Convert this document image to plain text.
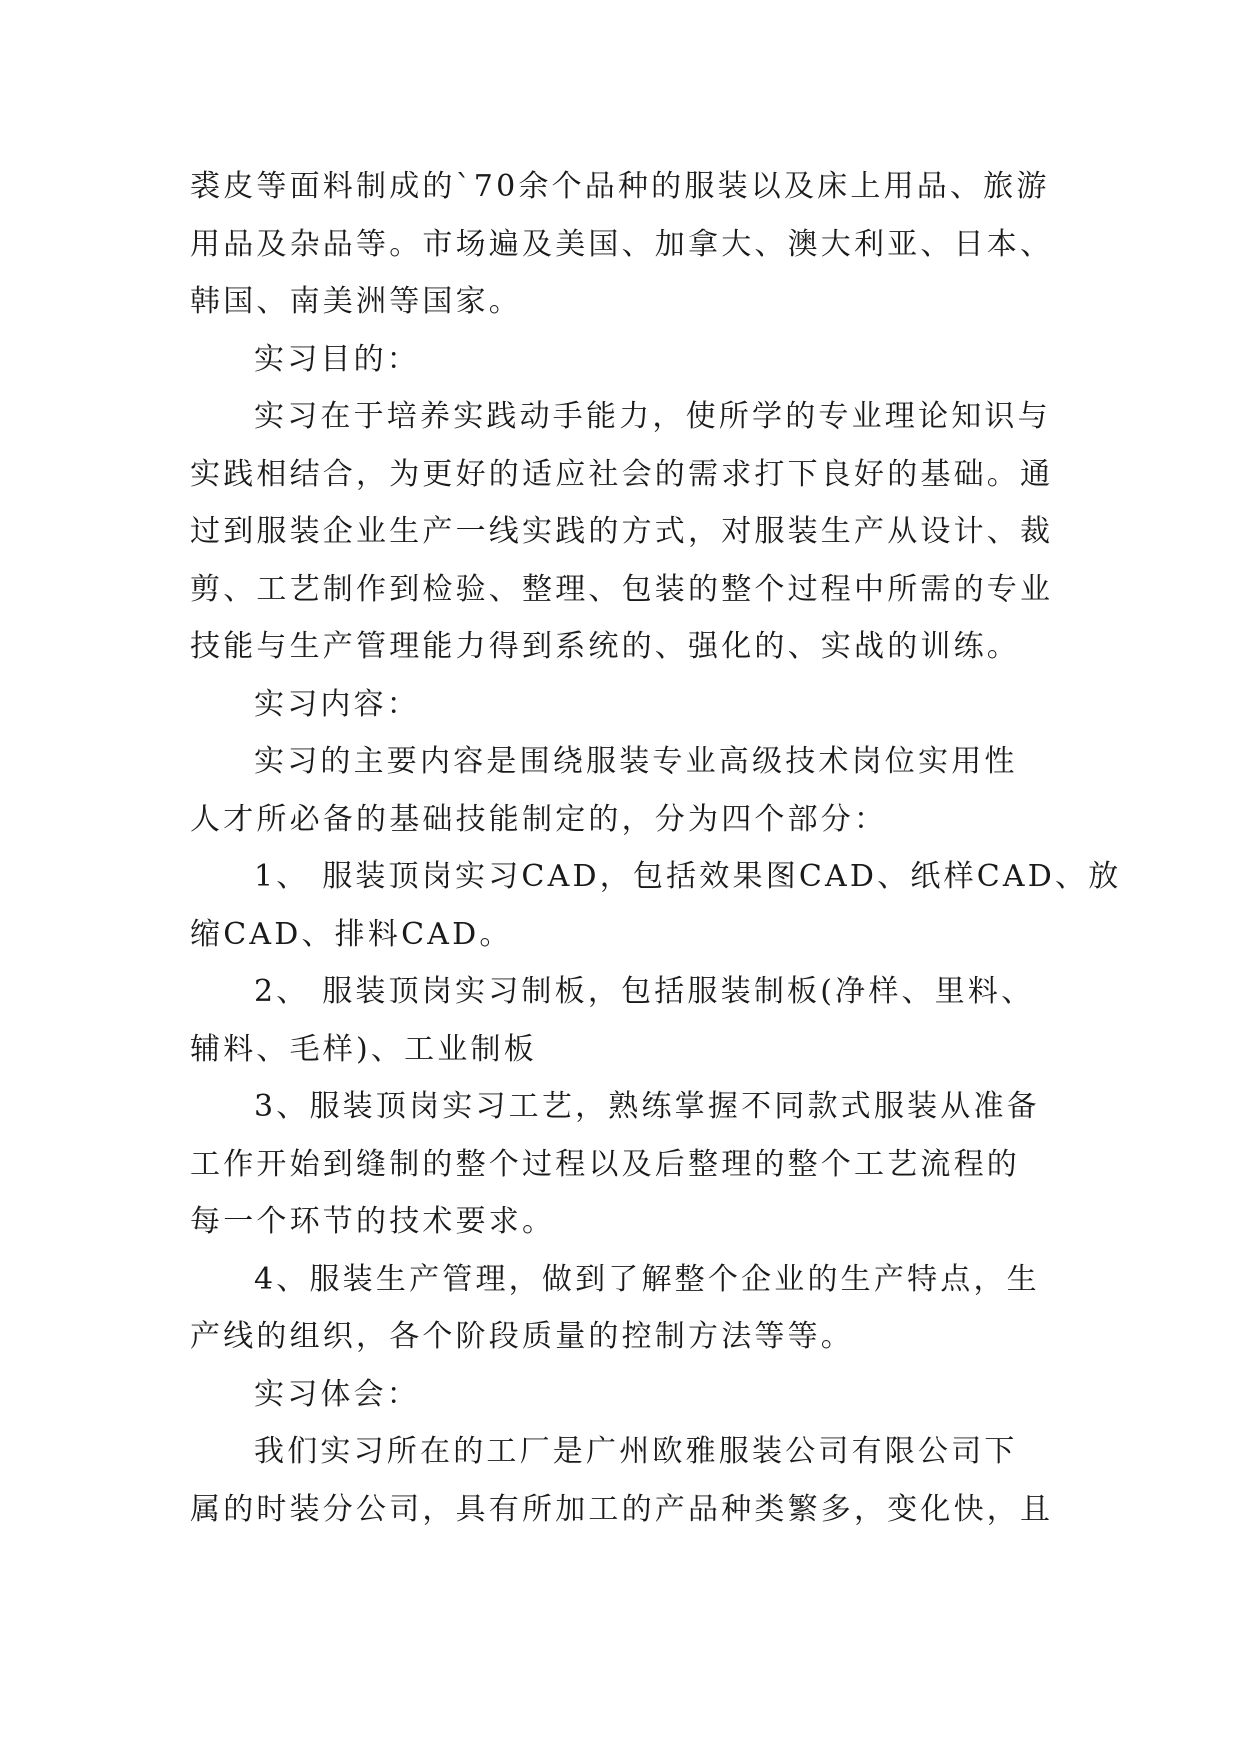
裘皮等面料制成的`70余个品种的服装以及床上用品、旅游
用品及杂品等。市场遍及美国、加拿大、澳大利亚、日本、
韩国、南美洲等国家。
实习目的：
实习在于培养实践动手能力，使所学的专业理论知识与
实践相结合，为更好的适应社会的需求打下良好的基础。通
过到服装企业生产一线实践的方式，对服装生产从设计、裁
剪、工艺制作到检验、整理、包装的整个过程中所需的专业
技能与生产管理能力得到系统的、强化的、实战的训练。
实习内容：
实习的主要内容是围绕服装专业高级技术岗位实用性
人才所必备的基础技能制定的，分为四个部分：
1、 服装顶岗实习CAD，包括效果图CAD、纸样CAD、放
缩CAD、排料CAD。
2、 服装顶岗实习制板，包括服装制板(净样、里料、
辅料、毛样)、工业制板
3、服装顶岗实习工艺，熟练掌握不同款式服装从准备
工作开始到缝制的整个过程以及后整理的整个工艺流程的
每一个环节的技术要求。
4、服装生产管理，做到了解整个企业的生产特点，生
产线的组织，各个阶段质量的控制方法等等。
实习体会：
我们实习所在的工厂是广州欧雅服装公司有限公司下
属的时装分公司，具有所加工的产品种类繁多，变化快，且
